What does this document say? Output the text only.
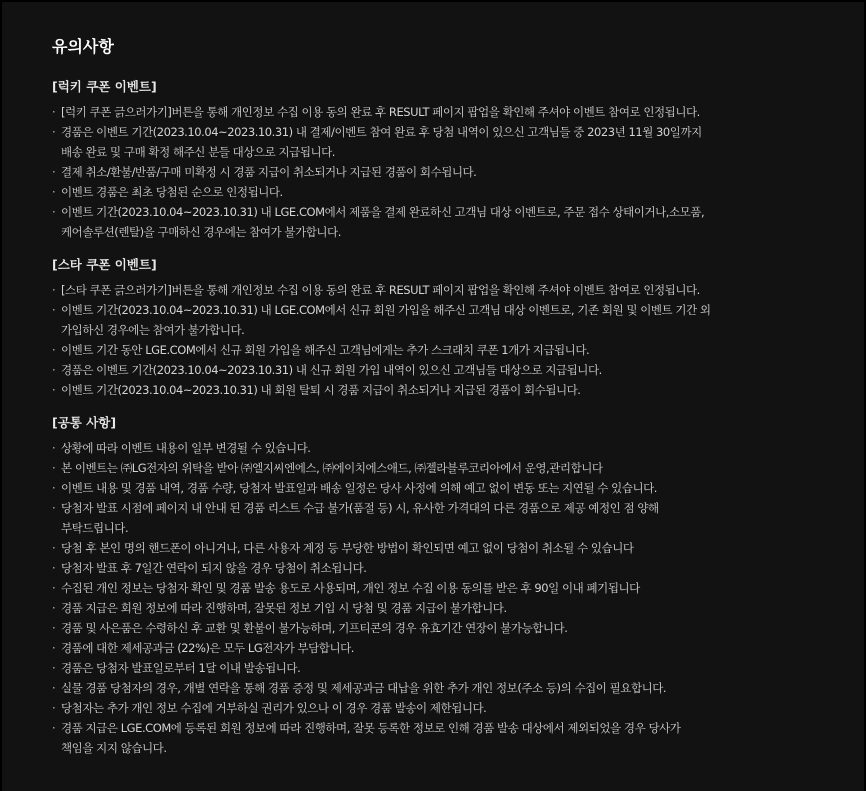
유의사항
[럭키 쿠폰 이벤트]
· [럭키 쿠폰 긁으러가기]버튼을 통해 개인정보 수집 이용 동의 완료 후 RESULT 페이지 팝업을 확인해 주셔야 이벤트 참여로 인정됩니다.
· 경품은 이벤트 기간(2023.10.04~2023.10.31) 내 결제/이벤트 참여 완료 후 당첨 내역이 있으신 고객님들 중 2023년 11월 30일까지
배송 완료 및 구매 확정 해주신 분들 대상으로 지급됩니다.
· 결제 취소/환불/반품/구매 미확정 시 경품 지급이 취소되거나 지급된 경품이 회수됩니다.
· 이벤트 경품은 최초 당첨된 순으로 인정됩니다.
· 이벤트 기간(2023.10.04~2023.10.31) 내 LGE.COM에서 제품을 결제 완료하신 고객님 대상 이벤트로, 주문 접수 상태이거나,소모품,
케어솔루션(렌탈)을 구매하신 경우에는 참여가 불가합니다.
[스타 쿠폰 이벤트]
· [스타 쿠폰 긁으러가기]버튼을 통해 개인정보 수집 이용 동의 완료 후 RESULT 페이지 팝업을 확인해 주셔야 이벤트 참여로 인정됩니다.
· 이벤트 기간(2023.10.04~2023.10.31) 내 LGE.COM에서 신규 회원 가입을 해주신 고객님 대상 이벤트로, 기존 회원 및 이벤트 기간 외
가입하신 경우에는 참여가 불가합니다.
· 이벤트 기간 동안 LGE.COM에서 신규 회원 가입을 해주신 고객님에게는 추가 스크래치 쿠폰 1개가 지급됩니다.
· 경품은 이벤트 기간(2023.10.04~2023.10.31) 내 신규 회원 가입 내역이 있으신 고객님들 대상으로 지급됩니다.
· 이벤트 기간(2023.10.04~2023.10.31) 내 회원 탈퇴 시 경품 지급이 취소되거나 지급된 경품이 회수됩니다.
[공통 사항]
· 상황에 따라 이벤트 내용이 일부 변경될 수 있습니다.
· 본 이벤트는 ㈜LG전자의 위탁을 받아 ㈜엘지씨엔에스, ㈜에이치에스애드, ㈜젤라블루코리아에서 운영,관리합니다
· 이벤트 내용 및 경품 내역, 경품 수량, 당첨자 발표일과 배송 일정은 당사 사정에 의해 예고 없이 변동 또는 지연될 수 있습니다.
· 당첨자 발표 시점에 페이지 내 안내 된 경품 리스트 수급 불가(품절 등) 시, 유사한 가격대의 다른 경품으로 제공 예정인 점 양해
부탁드립니다.
· 당첨 후 본인 명의 핸드폰이 아니거나, 다른 사용자 계정 등 부당한 방법이 확인되면 예고 없이 당첨이 취소될 수 있습니다
· 당첨자 발표 후 7일간 연락이 되지 않을 경우 당첨이 취소됩니다.
· 수집된 개인 정보는 당첨자 확인 및 경품 발송 용도로 사용되며, 개인 정보 수집 이용 동의를 받은 후 90일 이내 폐기됩니다
· 경품 지급은 회원 정보에 따라 진행하며, 잘못된 정보 기입 시 당첨 및 경품 지급이 불가합니다.
· 경품 및 사은품은 수령하신 후 교환 및 환불이 불가능하며, 기프티콘의 경우 유효기간 연장이 불가능합니다.
· 경품에 대한 제세공과금 (22%)은 모두 LG전자가 부담합니다.
· 경품은 당첨자 발표일로부터 1달 이내 발송됩니다.
· 실물 경품 당첨자의 경우, 개별 연락을 통해 경품 증정 및 제세공과금 대납을 위한 추가 개인 정보(주소 등)의 수집이 필요합니다.
· 당첨자는 추가 개인 정보 수집에 거부하실 권리가 있으나 이 경우 경품 발송이 제한됩니다.
· 경품 지급은 LGE.COM에 등록된 회원 정보에 따라 진행하며, 잘못 등록한 정보로 인해 경품 발송 대상에서 제외되었을 경우 당사가
책임을 지지 않습니다.
